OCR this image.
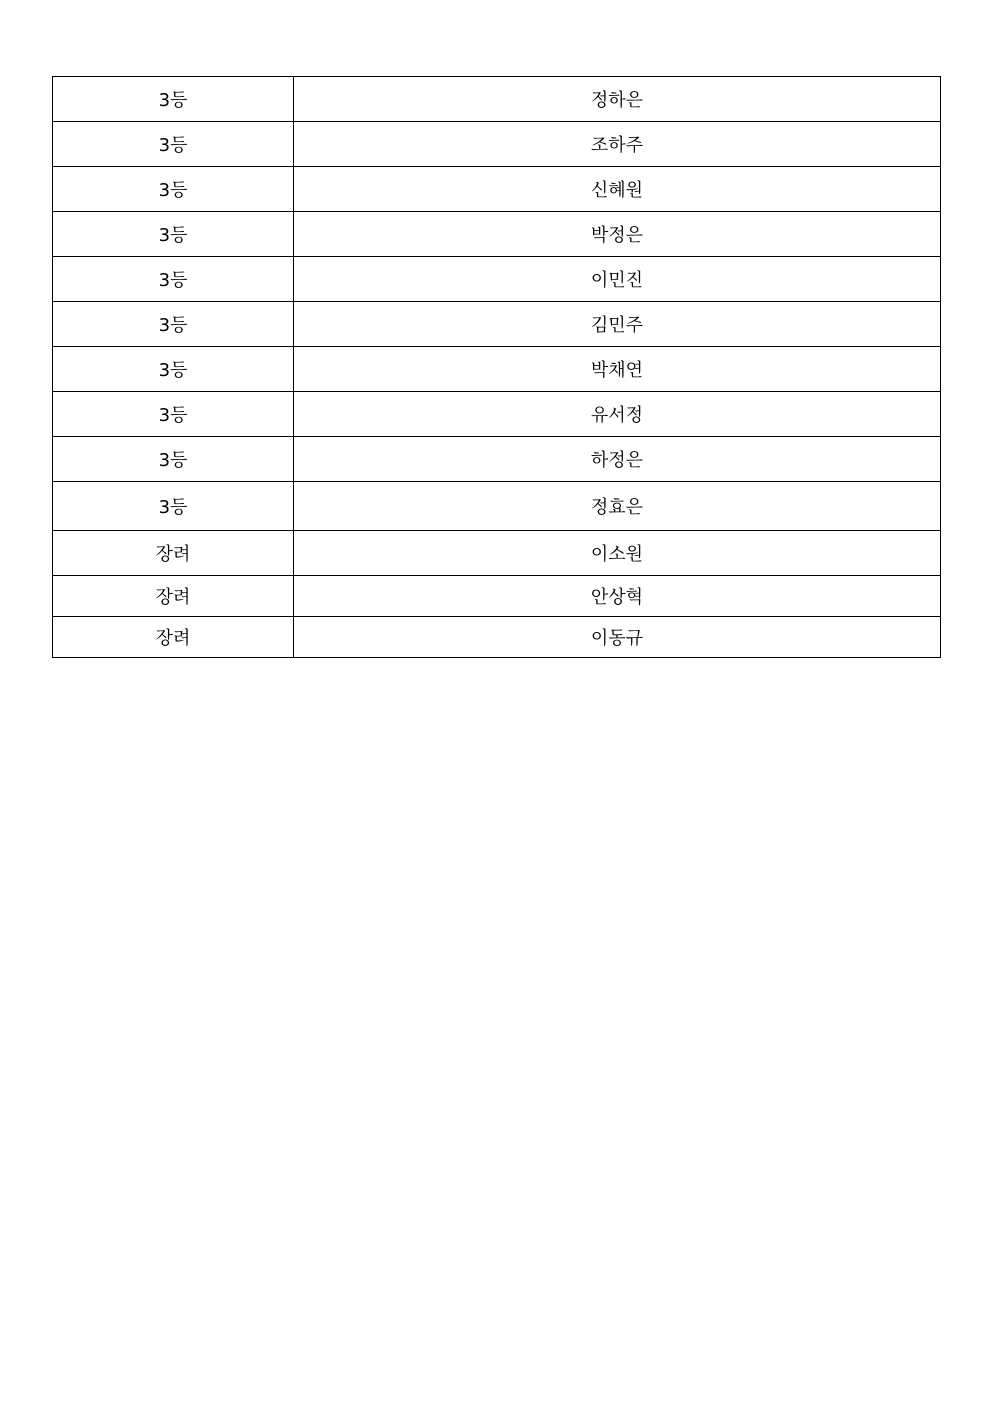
3등	정하은
3등	조하주
3등	신혜원
3등	박정은
3등	이민진
3등	김민주
3등	박채연
3등	유서정
3등	하정은
3등	정효은
장려	이소원
장려	안상혁
장려	이동규
